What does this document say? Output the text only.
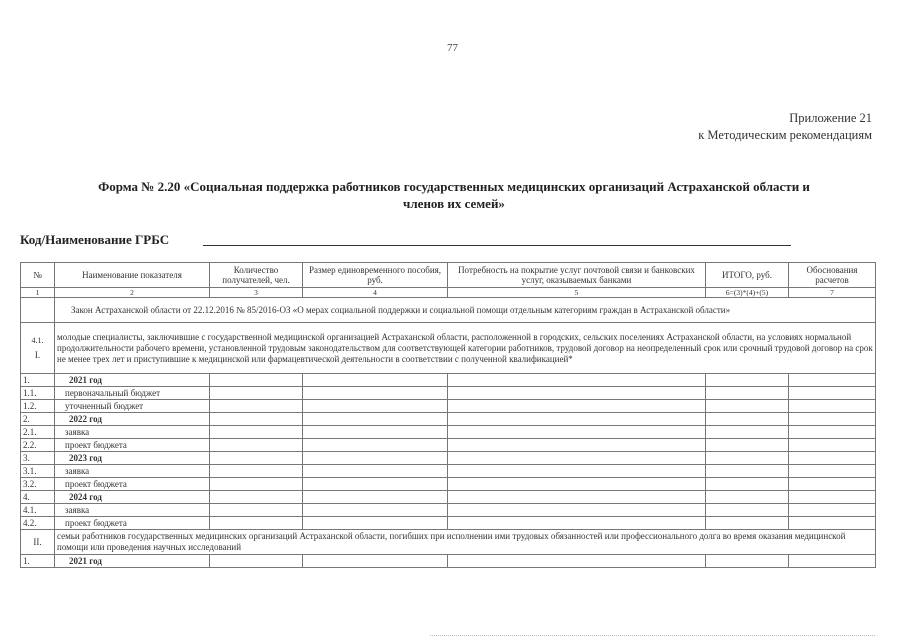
77
Приложение 21
к Методическим рекомендациям
Форма № 2.20 «Социальная поддержка работников государственных медицинских организаций Астраханской области и
членов их семей»
Код/Наименование ГРБС
№	Наименование показателя	Количество получателей, чел.	Размер единовременного пособия, руб.	Потребность на покрытие услуг почтовой связи и банковских услуг, оказываемых банками	ИТОГО, руб.	Обоснования расчетов
1	2	3	4	5	6=(3)*(4)+(5)	7
	Закон Астраханской области от 22.12.2016 № 85/2016-ОЗ «О мерах социальной поддержки и социальной помощи отдельным категориям граждан в Астраханской области»					

4.1.
I.	молодые специалисты, заключившие с государственной медицинской организацией Астраханской области, расположенной в городских, сельских поселениях Астраханской области, на условиях нормальной продолжительности рабочего времени, установленной трудовым законодательством для соответствующей категории работников, трудовой договор на неопределенный срок или срочный трудовой договор на срок не менее трех лет и приступившие к медицинской или фармацевтической деятельности в соответствии с полученной квалификацией*					
1.	2021 год					
1.1.	первоначальный бюджет					
1.2.	уточненный бюджет					
2.	2022 год					
2.1.	заявка					
2.2.	проект бюджета					
3.	2023 год					
3.1.	заявка					
3.2.	проект бюджета					
4.	2024 год					
4.1.	заявка					
4.2.	проект бюджета					
II.	семьи работников государственных медицинских организаций Астраханской области, погибших при исполнении ими трудовых обязанностей или профессионального долга во время оказания медицинской помощи или проведения научных исследований					
1.	2021 год					
